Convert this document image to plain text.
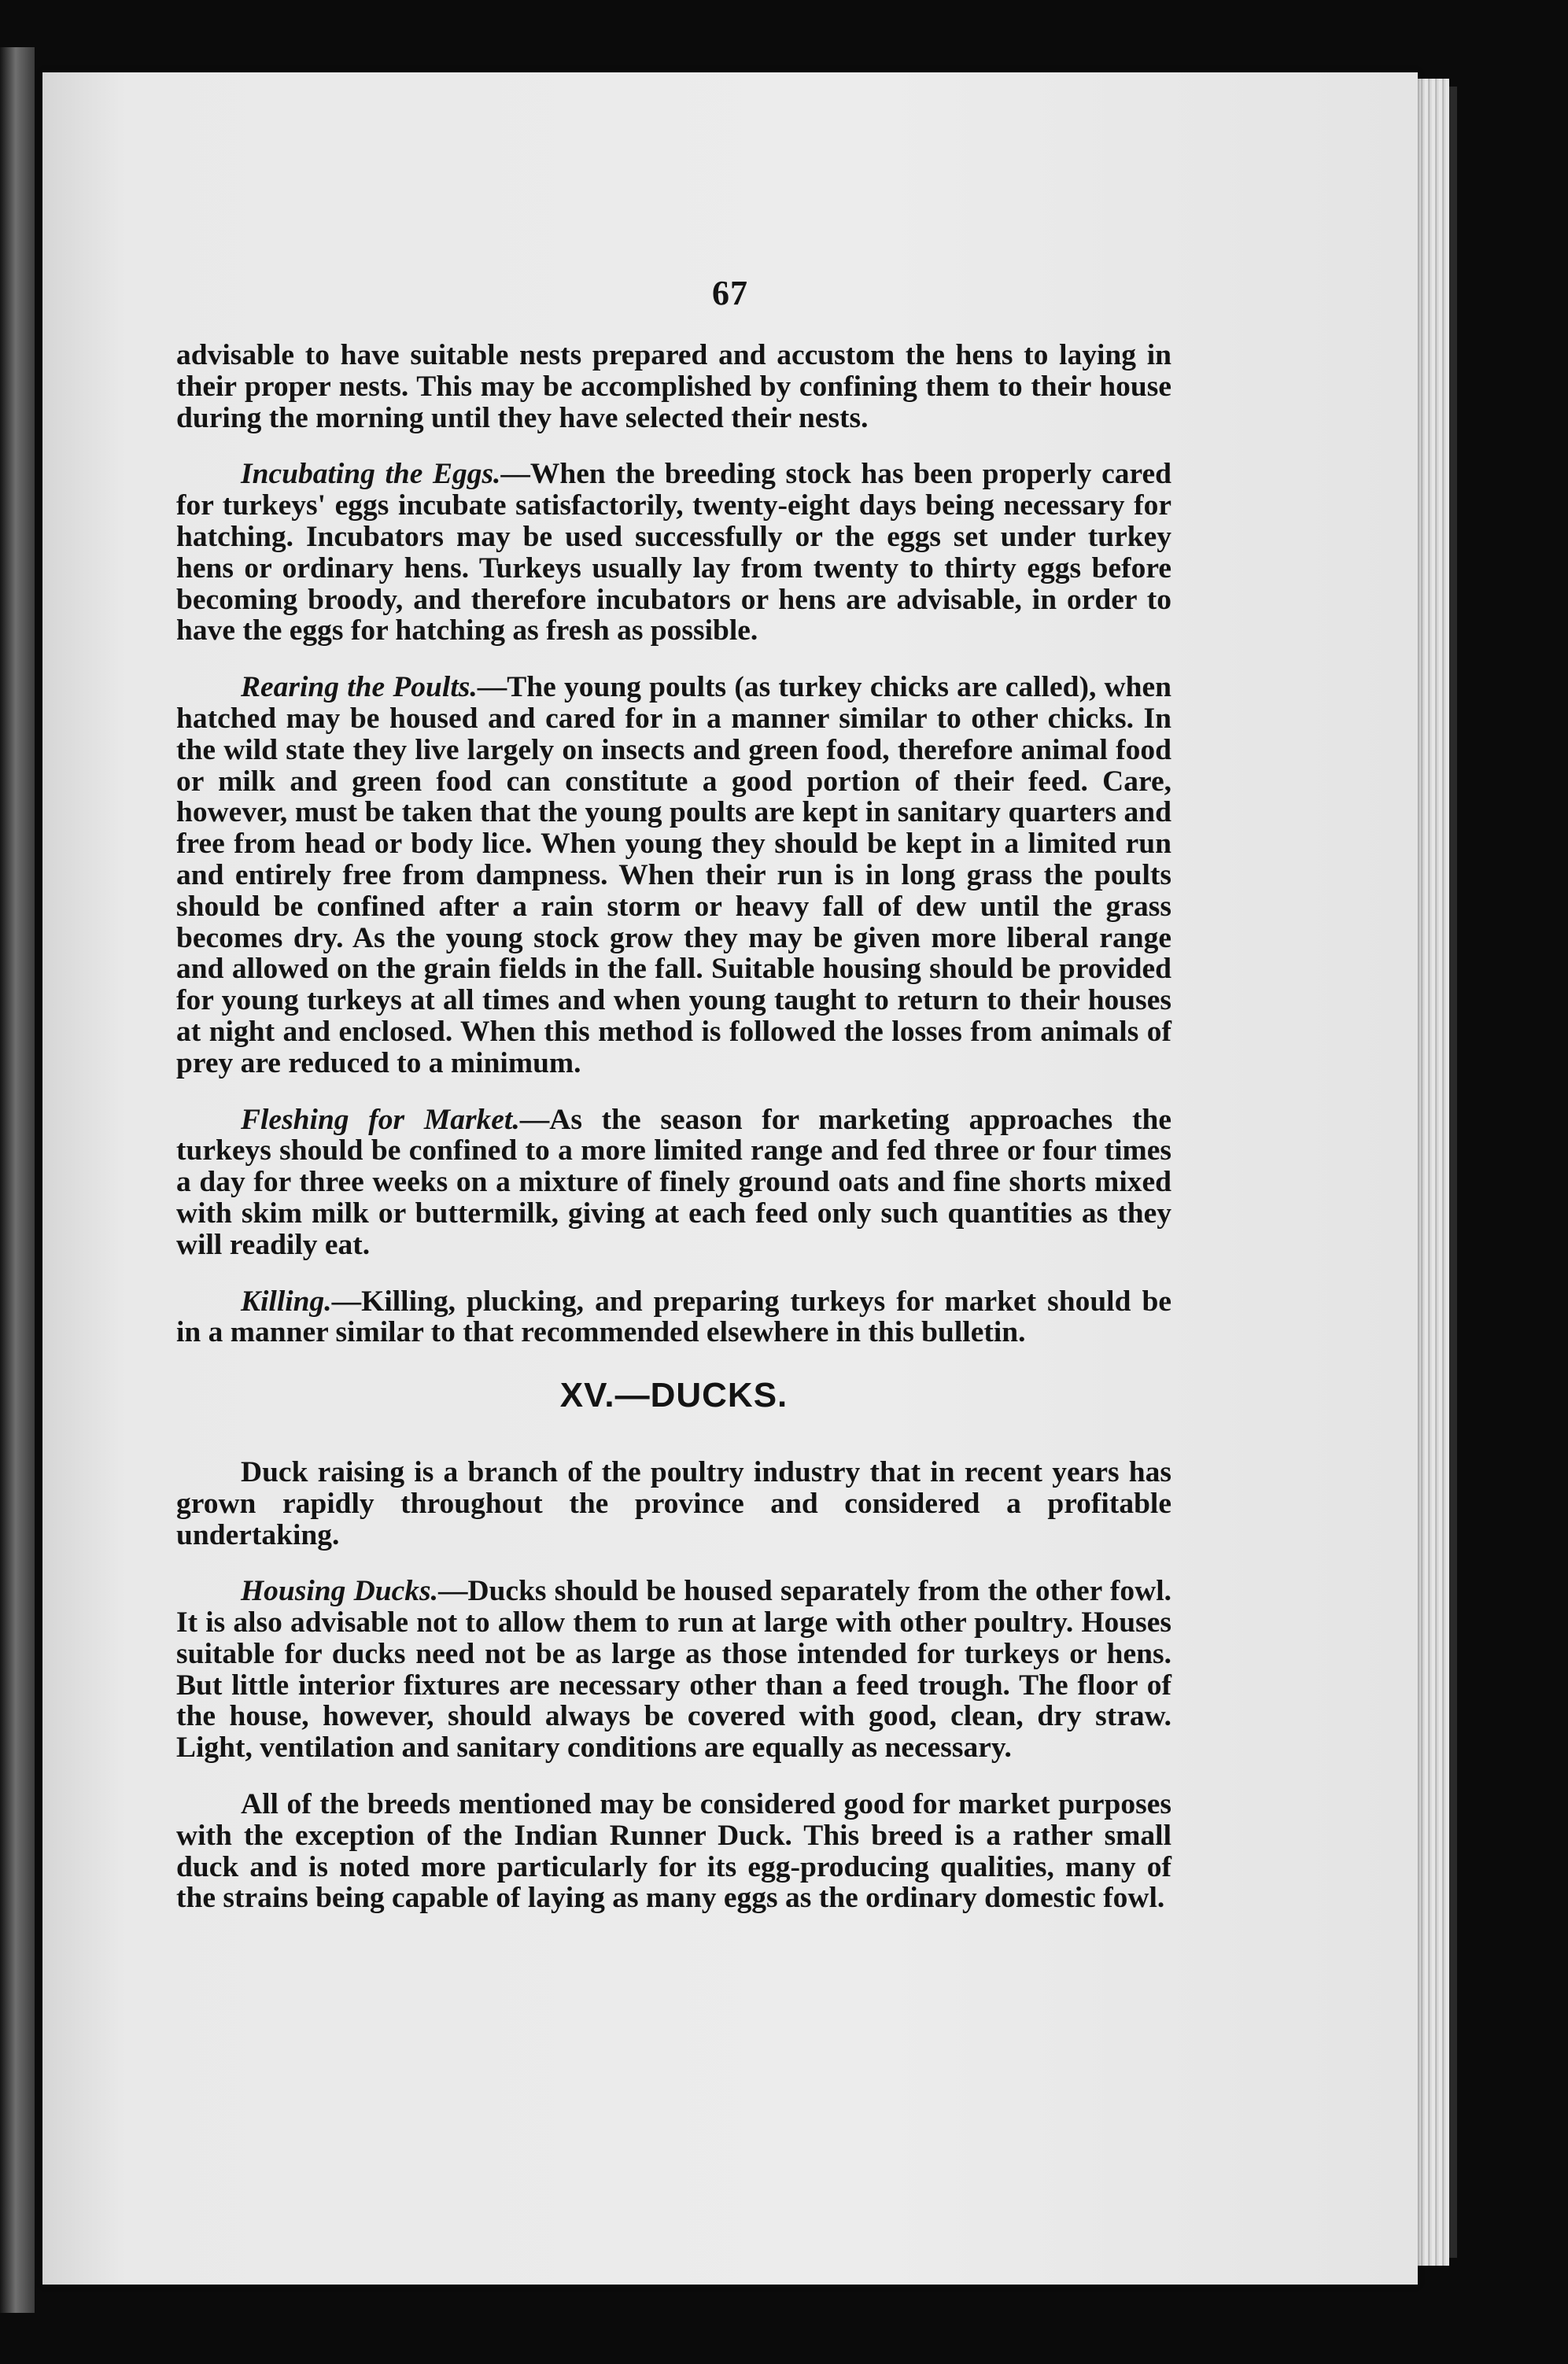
67

advisable to have suitable nests prepared and accustom the hens to laying in their proper nests. This may be accomplished by confining them to their house during the morning until they have selected their nests.

Incubating the Eggs.—When the breeding stock has been properly cared for turkeys' eggs incubate satisfactorily, twenty-eight days being necessary for hatching. Incubators may be used successfully or the eggs set under turkey hens or ordinary hens. Turkeys usually lay from twenty to thirty eggs before becoming broody, and therefore incubators or hens are advisable, in order to have the eggs for hatching as fresh as possible.

Rearing the Poults.—The young poults (as turkey chicks are called), when hatched may be housed and cared for in a manner similar to other chicks. In the wild state they live largely on insects and green food, therefore animal food or milk and green food can constitute a good portion of their feed. Care, however, must be taken that the young poults are kept in sanitary quarters and free from head or body lice. When young they should be kept in a limited run and entirely free from dampness. When their run is in long grass the poults should be confined after a rain storm or heavy fall of dew until the grass becomes dry. As the young stock grow they may be given more liberal range and allowed on the grain fields in the fall. Suitable housing should be provided for young turkeys at all times and when young taught to return to their houses at night and enclosed. When this method is followed the losses from animals of prey are reduced to a minimum.

Fleshing for Market.—As the season for marketing approaches the turkeys should be confined to a more limited range and fed three or four times a day for three weeks on a mixture of finely ground oats and fine shorts mixed with skim milk or buttermilk, giving at each feed only such quantities as they will readily eat.

Killing.—Killing, plucking, and preparing turkeys for market should be in a manner similar to that recommended elsewhere in this bulletin.

XV.—DUCKS.

Duck raising is a branch of the poultry industry that in recent years has grown rapidly throughout the province and considered a profitable undertaking.

Housing Ducks.—Ducks should be housed separately from the other fowl. It is also advisable not to allow them to run at large with other poultry. Houses suitable for ducks need not be as large as those intended for turkeys or hens. But little interior fixtures are necessary other than a feed trough. The floor of the house, however, should always be covered with good, clean, dry straw. Light, ventilation and sanitary conditions are equally as necessary.

All of the breeds mentioned may be considered good for market purposes with the exception of the Indian Runner Duck. This breed is a rather small duck and is noted more particularly for its egg-producing qualities, many of the strains being capable of laying as many eggs as the ordinary domestic fowl.
